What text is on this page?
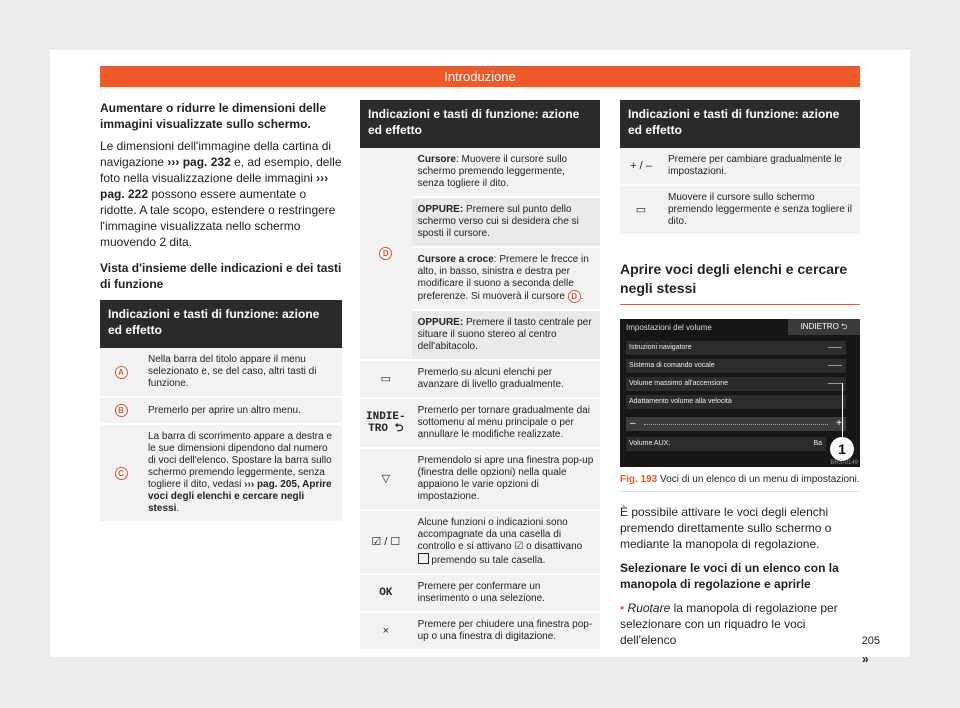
Introduzione

Aumentare o ridurre le dimensioni delle immagini visualizzate sullo schermo.

Le dimensioni dell'immagine della cartina di navigazione ››› pag. 232 e, ad esempio, delle foto nella visualizzazione delle immagini ››› pag. 222 possono essere aumentate o ridotte. A tale scopo, estendere o restringere l'immagine visualizzata nello schermo muovendo 2 dita.

Vista d'insieme delle indicazioni e dei tasti di funzione

Indicazioni e tasti di funzione: azione ed effetto	
A	Nella barra del titolo appare il menu selezionato e, se del caso, altri tasti di funzione.
B	Premerlo per aprire un altro menu.
C	La barra di scorrimento appare a destra e le sue dimensioni dipendono dal numero di voci dell'elenco. Spostare la barra sullo schermo premendo leggermente, senza togliere il dito, vedasi ››› pag. 205, Aprire voci degli elenchi e cercare negli stessi.
Indicazioni e tasti di funzione: azione ed effetto	
D	Cursore: Muovere il cursore sullo schermo premendo leggermente, senza togliere il dito.
	OPPURE: Premere sul punto dello schermo verso cui si desidera che si sposti il cursore.
	Cursore a croce: Premere le frecce in alto, in basso, sinistra e destra per modificare il suono a seconda delle preferenze. Si muoverà il cursore D .
	OPPURE: Premere il tasto centrale per situare il suono stereo al centro dell'abitacolo.
▭	Premerlo su alcuni elenchi per avanzare di livello gradualmente.
INDIE-TRO ⮌	Premerlo per tornare gradualmente dai sottomenu al menu principale o per annullare le modifiche realizzate.
▽	Premendolo si apre una finestra pop-up (finestra delle opzioni) nella quale appaiono le varie opzioni di impostazione.
☑ / ☐	Alcune funzioni o indicazioni sono accompagnate da una casella di controllo e si attivano ☑ o disattivano  premendo su tale casella.
OK	Premere per confermare un inserimento o una selezione.
×	Premere per chiudere una finestra pop-up o una finestra di digitazione.
Indicazioni e tasti di funzione: azione ed effetto	
+ / –	Premere per cambiare gradualmente le impostazioni.
▭	Muovere il cursore sullo schermo premendo leggermente e senza togliere il dito.
Aprire voci degli elenchi e cercare negli stessi
Impostazioni del volume	INDIETRO ⮌
Istruzioni navigatore
Sistema di comando vocale
Volume massimo all'accensione
Adattamento volume alla velocità
–	+
Volume AUX:	Ba	1
BRS-0149

Fig. 193 Voci di un elenco di un menu di impostazioni.

È possibile attivare le voci degli elenchi premendo direttamente sullo schermo o mediante la manopola di regolazione.

Selezionare le voci di un elenco con la manopola di regolazione e aprirle

• Ruotare la manopola di regolazione per selezionare con un riquadro le voci dell'elenco

»
205
